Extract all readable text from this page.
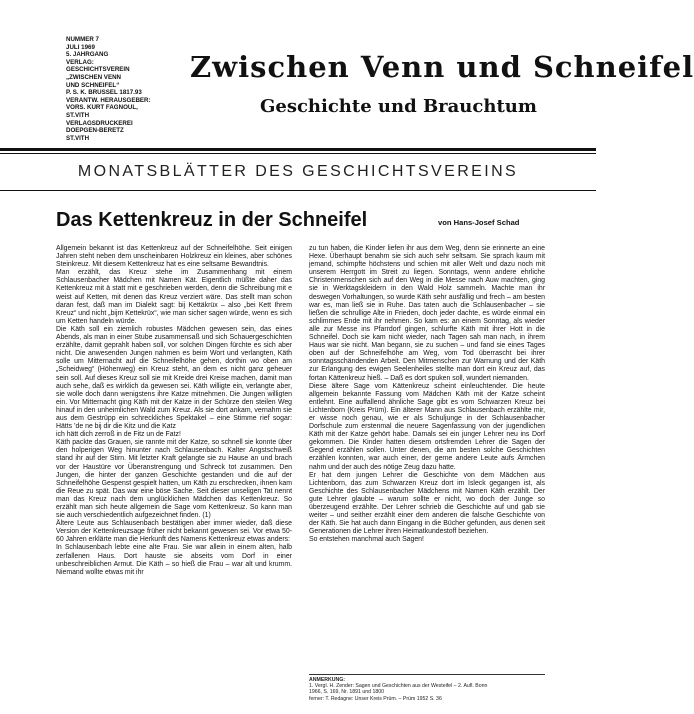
NUMMER 7
JULI 1969
5. JAHRGANG
VERLAG:
GESCHICHTSVEREIN
„ZWISCHEN VENN
UND SCHNEIFEL“
P. S. K. BRUSSEL 1817.93
VERANTW. HERAUSGEBER:
VORS. KURT FAGNOUL,
ST.VITH
VERLAGSDRUCKEREI
DOEPGEN-BERETZ
ST.VITH
Zwischen Venn und Schneifel
Geschichte und Brauchtum
MONATSBLÄTTER DES GESCHICHTSVEREINS
Das Kettenkreuz in der Schneifel	von Hans-Josef Schad

Allgemein bekannt ist das Kettenkreuz auf der Schneifelhöhe. Seit einigen Jahren steht neben dem unscheinbaren Holzkreuz ein kleines, aber schönes Steinkreuz. Mit diesem Kettenkreuz hat es eine seltsame Bewandtnis.

Man erzählt, das Kreuz stehe im Zusammenhang mit einem Schlausenbacher Mädchen mit Namen Kät. Eigentlich müßte daher das Kettenkreuz mit ä statt mit e geschrieben werden, denn die Schreibung mit e weist auf Ketten, mit denen das Kreuz verziert wäre. Das stellt man schon daran fest, daß man im Dialekt sagt: bij Kettäkrüx – also „bei Kett Ihrem Kreuz“ und nicht „bijm Kettekrüx“, wie man sicher sagen würde, wenn es sich um Ketten handeln würde.

Die Käth soll ein ziemlich robustes Mädchen gewesen sein, das eines Abends, als man in einer Stube zusammensaß und sich Schauergeschichten erzählte, damit geprahlt haben soll, vor solchen Dingen fürchte es sich aber nicht. Die anwesenden Jungen nahmen es beim Wort und verlangten, Käth solle um Mitternacht auf die Schneifelhöhe gehen, dorthin wo oben am „Scheidweg“ (Höhenweg) ein Kreuz steht, an dem es nicht ganz geheuer sein soll. Auf dieses Kreuz soll sie mit Kreide drei Kreise machen, damit man auch sehe, daß es wirklich da gewesen sei. Käth willigte ein, verlangte aber, sie wolle doch dann wenigstens ihre Katze mitnehmen. Die Jungen willigten ein. Vor Mitternacht ging Käth mit der Katze in der Schürze den steilen Weg hinauf in den unheimlichen Wald zum Kreuz. Als sie dort ankam, vernahm sie aus dem Gestrüpp ein schreckliches Spektakel – eine Stimme rief sogar: Hätts ’de ne bij dir die Kitz und die Katz

ich hätt dich zerroß in de Fitz un de Fatz!

Käth packte das Grauen, sie rannte mit der Katze, so schnell sie konnte über den holperigen Weg hinunter nach Schlausenbach. Kalter Angstschweiß stand ihr auf der Stirn. Mit letzter Kraft gelangte sie zu Hause an und brach vor der Haustüre vor Überanstrengung und Schreck tot zusammen. Den Jungen, die hinter der ganzen Geschichte gestanden und die auf der Schneifelhöhe Gespenst gespielt hatten, um Käth zu erschrecken, ihnen kam die Reue zu spät. Das war eine böse Sache. Seit dieser unseligen Tat nennt man das Kreuz nach dem unglücklichen Mädchen das Kettenkreuz. So erzählt man sich heute allgemein die Sage vom Kettenkreuz. So kann man sie auch verschiedentlich aufgezeichnet finden. (1)

Ältere Leute aus Schlausenbach bestätigen aber immer wieder, daß diese Version der Kettenkreuzsage früher nicht bekannt gewesen sei. Vor etwa 50-60 Jahren erklärte man die Herkunft des Namens Kettenkreuz etwas anders:

In Schlausenbach lebte eine alte Frau. Sie war allein in einem alten, halb zerfallenen Haus. Dort hauste sie abseits vom Dorf in einer unbeschreiblichen Armut. Die Käth – so hieß die Frau – war alt und krumm. Niemand wollte etwas mit ihr

zu tun haben, die Kinder liefen ihr aus dem Weg, denn sie erinnerte an eine Hexe. Überhaupt benahm sie sich auch sehr seltsam. Sie sprach kaum mit jemand, schimpfte höchstens und schien mit aller Welt und dazu noch mit unserem Herrgott im Streit zu liegen. Sonntags, wenn andere ehrliche Christenmenschen sich auf den Weg in die Messe nach Auw machten, ging sie in Werktagskleidern in den Wald Holz sammeln. Machte man ihr deswegen Vorhaltungen, so wurde Käth sehr ausfällig und frech – am besten war es, man ließ sie in Ruhe. Das taten auch die Schlausenbacher – sie ließen die schrullige Alte in Frieden, doch jeder dachte, es würde einmal ein schlimmes Ende mit ihr nehmen. So kam es: an einem Sonntag, als wieder alle zur Messe ins Pfarrdorf gingen, schlurfte Käth mit ihrer Hott in die Schneifel. Doch sie kam nicht wieder, nach Tagen sah man nach, in ihrem Haus war sie nicht. Man begann, sie zu suchen – und fand sie eines Tages oben auf der Schneifelhöhe am Weg, vom Tod überrascht bei ihrer sonntagsschändenden Arbeit. Den Mitmenschen zur Warnung und der Käth zur Erlangung des ewigen Seelenheiles stellte man dort ein Kreuz auf, das fortan Kättenkreuz hieß. – Daß es dort spuken soll, wundert niemanden.

Diese ältere Sage vom Kättenkreuz scheint einleuchtender. Die heute allgemein bekannte Fassung vom Mädchen Käth mit der Katze scheint entlehnt. Eine auffallend ähnliche Sage gibt es vom Schwarzen Kreuz bei Lichtenborn (Kreis Prüm). Ein älterer Mann aus Schlausenbach erzählte mir, er wisse noch genau, wie er als Schuljunge in der Schlausenbacher Dorfschule zum erstenmal die neuere Sagenfassung von der jugendlichen Käth mit der Katze gehört habe. Damals sei ein junger Lehrer neu ins Dorf gekommen. Die Kinder hatten diesem ortsfremden Lehrer die Sagen der Gegend erzählen sollen. Unter denen, die am besten solche Geschichten erzählen konnten, war auch einer, der gerne andere Leute aufs Ärmchen nahm und der auch des nötige Zeug dazu hatte.

Er hat dem jungen Lehrer die Geschichte von dem Mädchen aus Lichtenborn, das zum Schwarzen Kreuz dort im Isleck gegangen ist, als Geschichte des Schlausenbacher Mädchens mit Namen Käth erzählt. Der gute Lehrer glaubte – warum sollte er nicht, wo doch der Junge so überzeugend erzählte. Der Lehrer schrieb die Geschichte auf und gab sie weiter – und seither erzählt einer dem anderen die falsche Geschichte von der Käth. Sie hat auch dann Eingang in die Bücher gefunden, aus denen seit Generationen die Lehrer ihren Heimatkundestoff beziehen.

So entstehen manchmal auch Sagen!

ANMERKUNG:
1. Vergl. H. Zender: Sagen und Geschichten aus der Westeifel – 2. Aufl. Bonn
1966, S. 169, Nr. 1891 und 1800
ferner: T. Redagne: Unser Kreis Prüm. – Prüm 1952 S. 36
